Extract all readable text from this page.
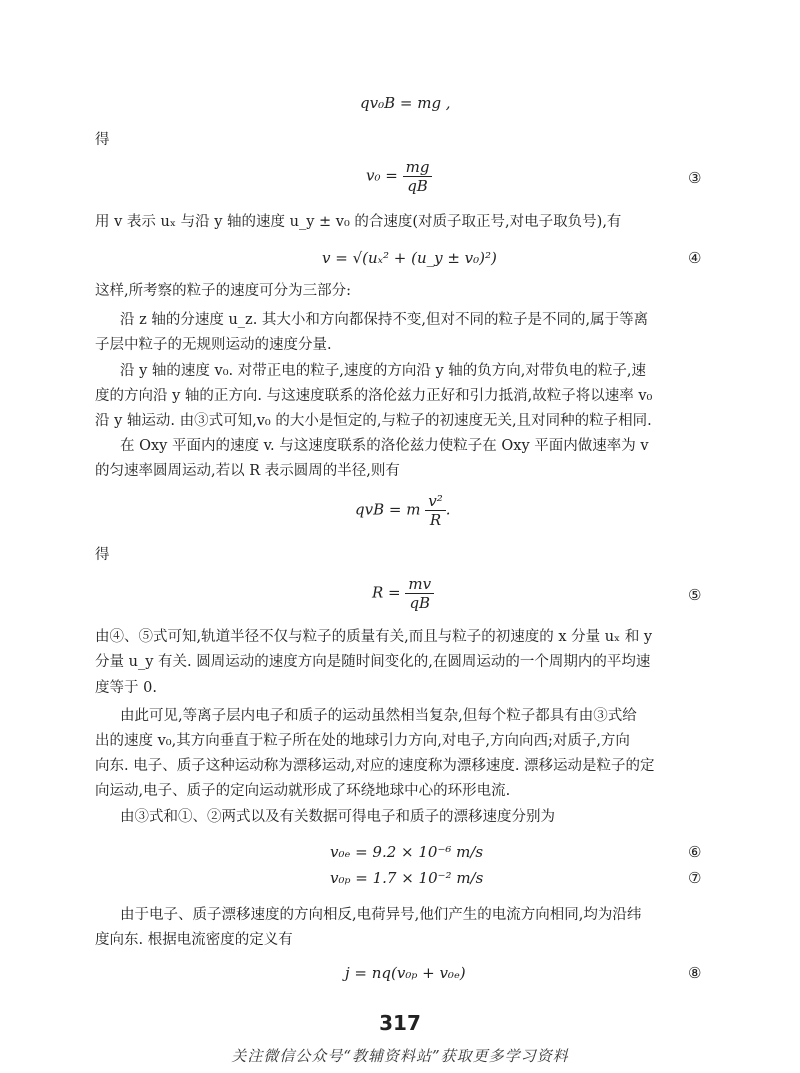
qv₀B = mg ,
得
$v_0 = \frac{mg}{qB}$	③
用 v 表示 uₓ 与沿 y 轴的速度 u_y ± v₀ 的合速度(对质子取正号,对电子取负号),有
v = √(uₓ² + (u_y ± v₀)²)	④
这样,所考察的粒子的速度可分为三部分:
沿 z 轴的分速度 u_z. 其大小和方向都保持不变,但对不同的粒子是不同的,属于等离
子层中粒子的无规则运动的速度分量.
沿 y 轴的速度 v₀. 对带正电的粒子,速度的方向沿 y 轴的负方向,对带负电的粒子,速
度的方向沿 y 轴的正方向. 与这速度联系的洛伦兹力正好和引力抵消,故粒子将以速率 v₀
沿 y 轴运动. 由③式可知,v₀ 的大小是恒定的,与粒子的初速度无关,且对同种的粒子相同.
在 Oxy 平面内的速度 v. 与这速度联系的洛伦兹力使粒子在 Oxy 平面内做速率为 v
的匀速率圆周运动,若以 R 表示圆周的半径,则有
qvB = m $\frac{\text{v²}}{R}$ .
得
$R = \frac{mv}{qB}$	⑤
由④、⑤式可知,轨道半径不仅与粒子的质量有关,而且与粒子的初速度的 x 分量 uₓ 和 y
分量 u_y 有关. 圆周运动的速度方向是随时间变化的,在圆周运动的一个周期内的平均速
度等于 0.
由此可见,等离子层内电子和质子的运动虽然相当复杂,但每个粒子都具有由③式给
出的速度 v₀,其方向垂直于粒子所在处的地球引力方向,对电子,方向向西;对质子,方向
向东. 电子、质子这种运动称为漂移运动,对应的速度称为漂移速度. 漂移运动是粒子的定
向运动,电子、质子的定向运动就形成了环绕地球中心的环形电流.
由③式和①、②两式以及有关数据可得电子和质子的漂移速度分别为
v₀ₑ = 9.2 × 10⁻⁶ m/s	⑥
v₀ₚ = 1.7 × 10⁻² m/s	⑦
由于电子、质子漂移速度的方向相反,电荷异号,他们产生的电流方向相同,均为沿纬
度向东. 根据电流密度的定义有
j = nq(v₀ₚ + v₀ₑ)	⑧
317
关注微信公众号“教辅资料站”获取更多学习资料
